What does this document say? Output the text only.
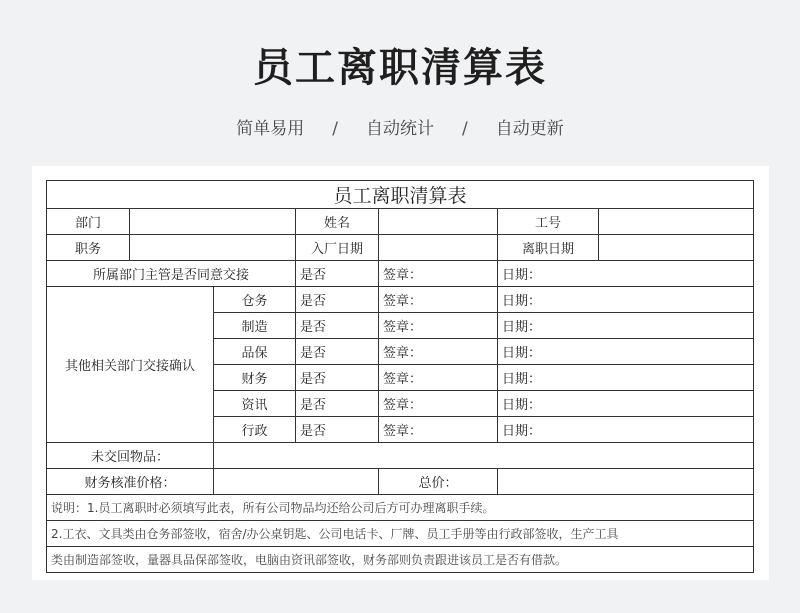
员工离职清算表
简单易用 / 自动统计 / 自动更新
员工离职清算表						
部门			姓名		工号	
职务			入厂日期		离职日期	
所属部门主管是否同意交接			是否	签章：	日期：	
其他相关部门交接确认		仓务	是否	签章：	日期：	
		制造	是否	签章：	日期：	
		品保	是否	签章：	日期：	
		财务	是否	签章：	日期：	
		资讯	是否	签章：	日期：	
		行政	是否	签章：	日期：	
未交回物品：						
财务核准价格：				总价：		
说明：1.员工离职时必须填写此表，所有公司物品均还给公司后方可办理离职手续。						
2.工衣、文具类由仓务部签收，宿舍/办公桌钥匙、公司电话卡、厂牌、员工手册等由行政部签收，生产工具						
类由制造部签收，量器具品保部签收，电脑由资讯部签收，财务部则负责跟进该员工是否有借款。						
